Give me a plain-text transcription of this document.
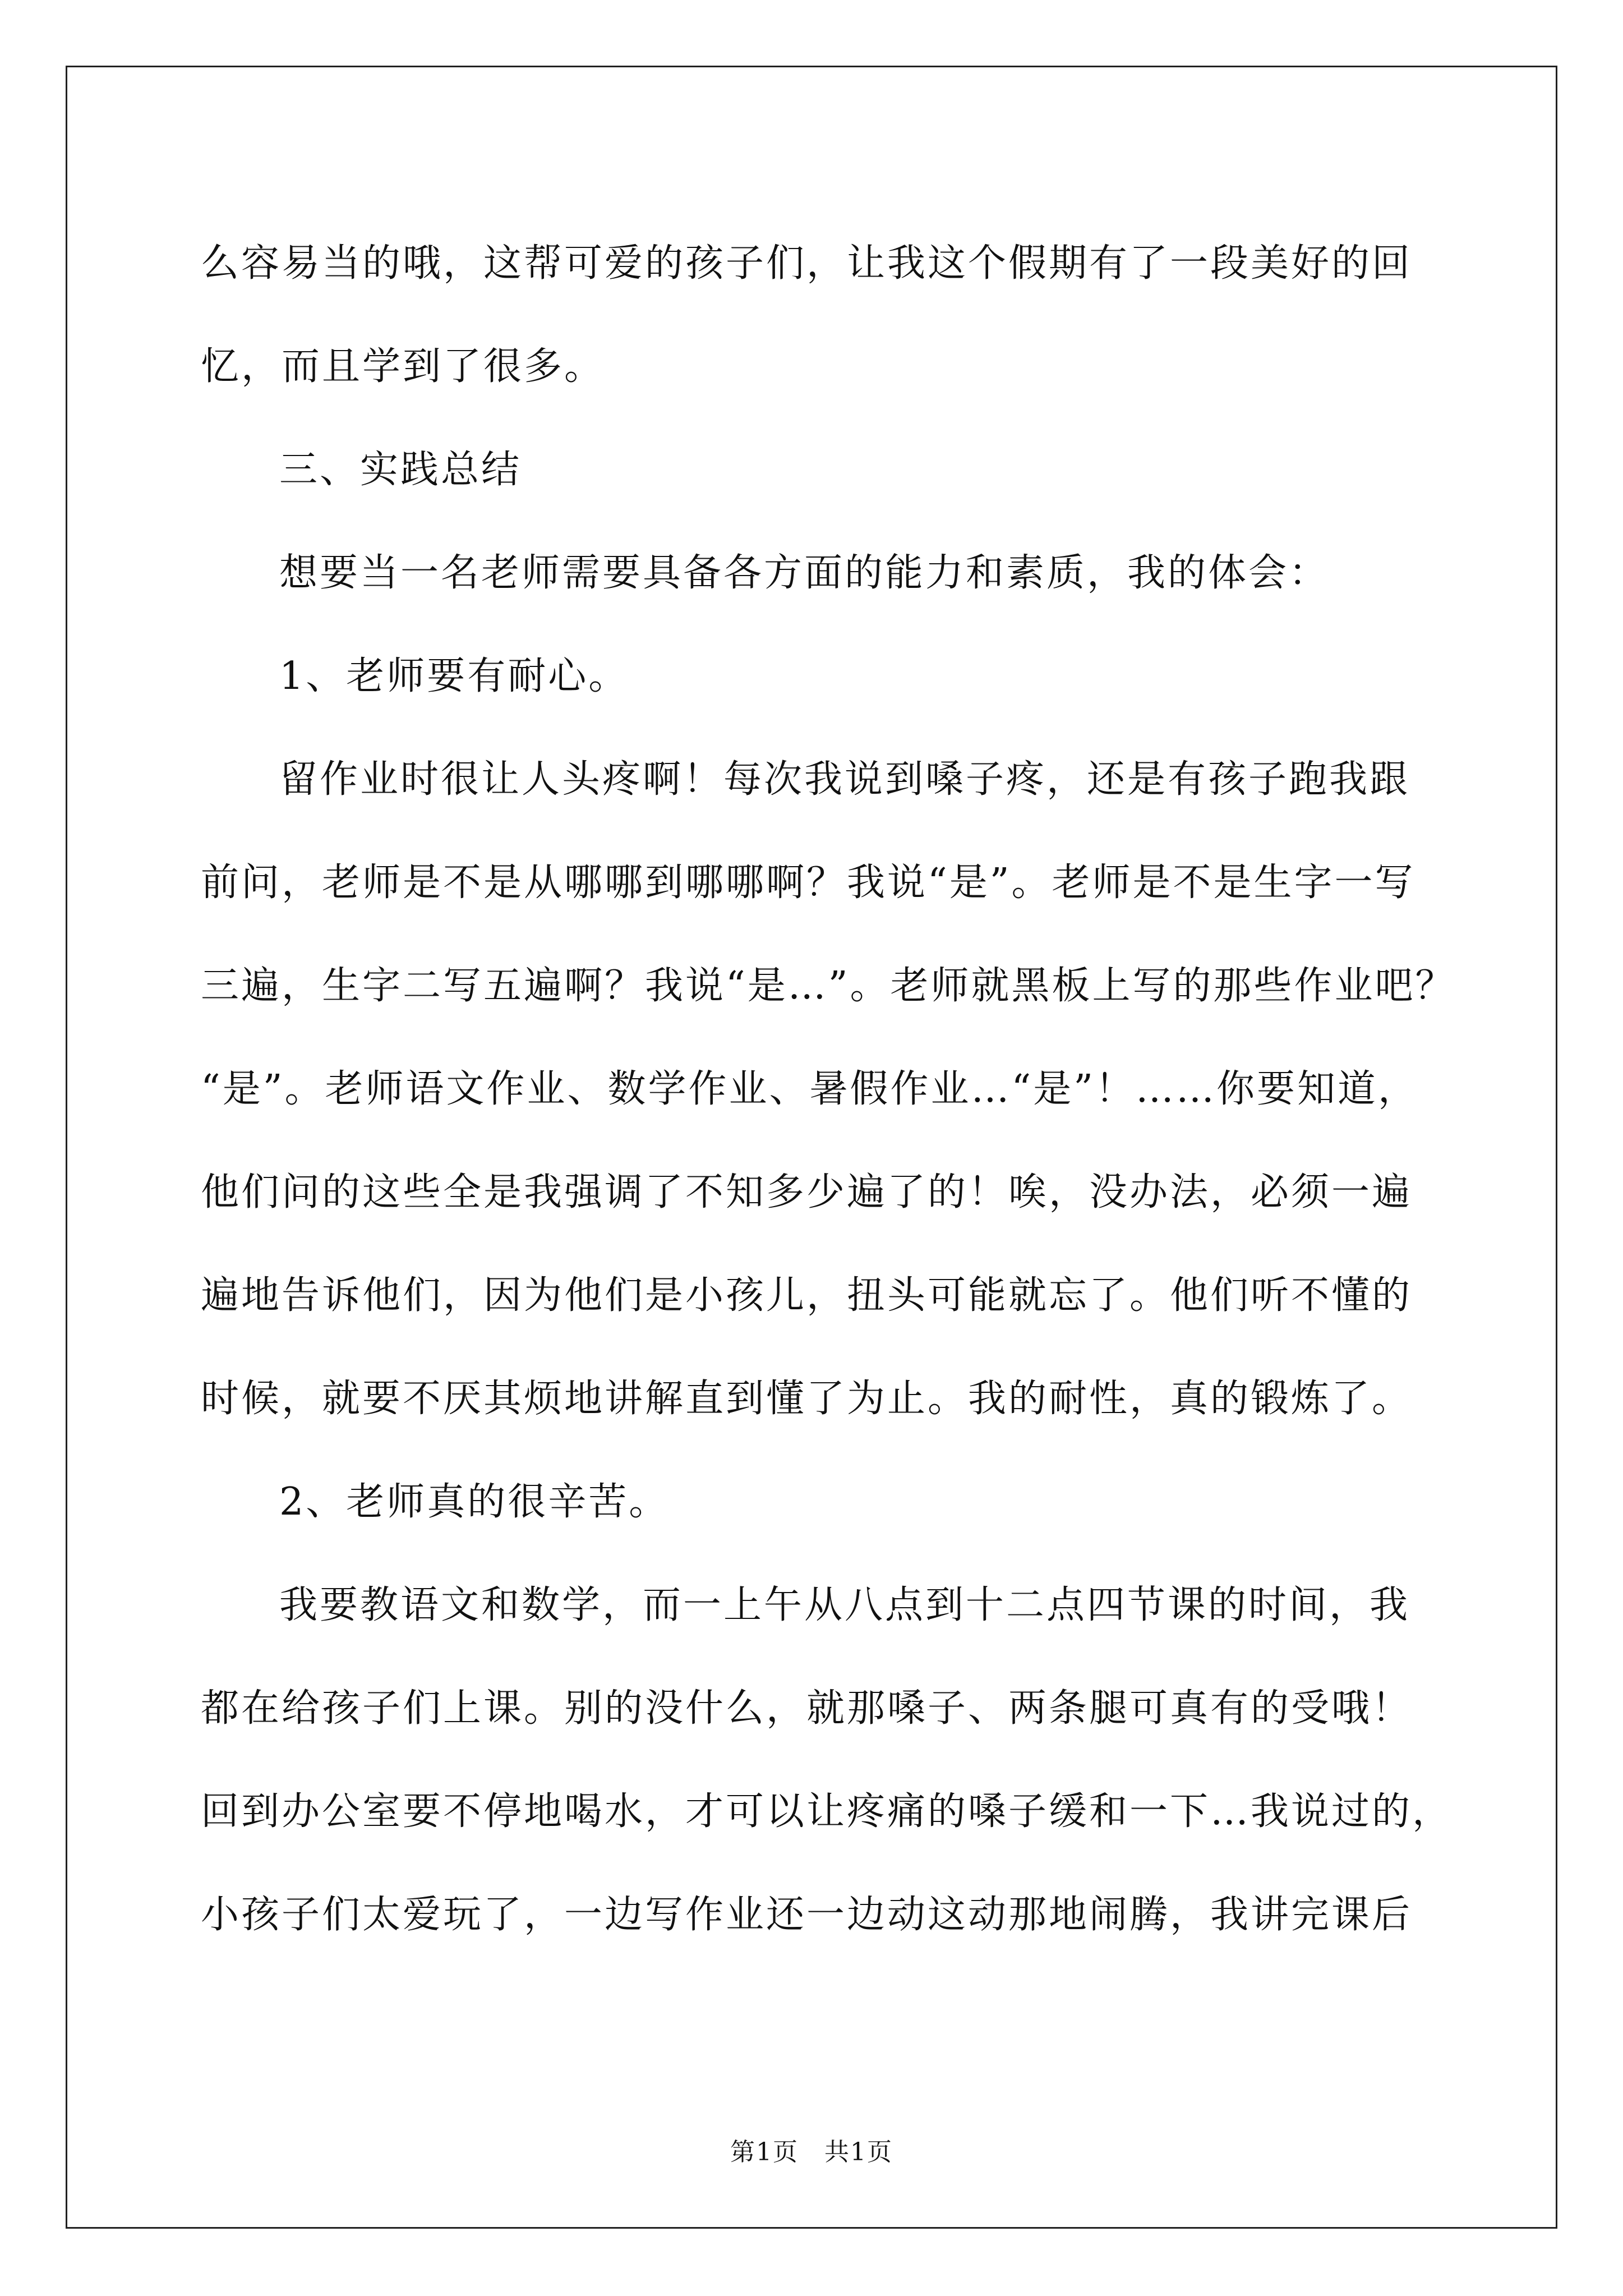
么容易当的哦，这帮可爱的孩子们，让我这个假期有了一段美好的回

忆，而且学到了很多。

三、实践总结

想要当一名老师需要具备各方面的能力和素质，我的体会：

1、老师要有耐心。

留作业时很让人头疼啊！每次我说到嗓子疼，还是有孩子跑我跟

前问，老师是不是从哪哪到哪哪啊？我说“是”。老师是不是生字一写

三遍，生字二写五遍啊？我说“是…”。老师就黑板上写的那些作业吧？

“是”。老师语文作业、数学作业、暑假作业…“是”！……你要知道，

他们问的这些全是我强调了不知多少遍了的！唉，没办法，必须一遍

遍地告诉他们，因为他们是小孩儿，扭头可能就忘了。他们听不懂的

时候，就要不厌其烦地讲解直到懂了为止。我的耐性，真的锻炼了。

2、老师真的很辛苦。

我要教语文和数学，而一上午从八点到十二点四节课的时间，我

都在给孩子们上课。别的没什么，就那嗓子、两条腿可真有的受哦！

回到办公室要不停地喝水，才可以让疼痛的嗓子缓和一下…我说过的，

小孩子们太爱玩了，一边写作业还一边动这动那地闹腾，我讲完课后

第1页　共1页
